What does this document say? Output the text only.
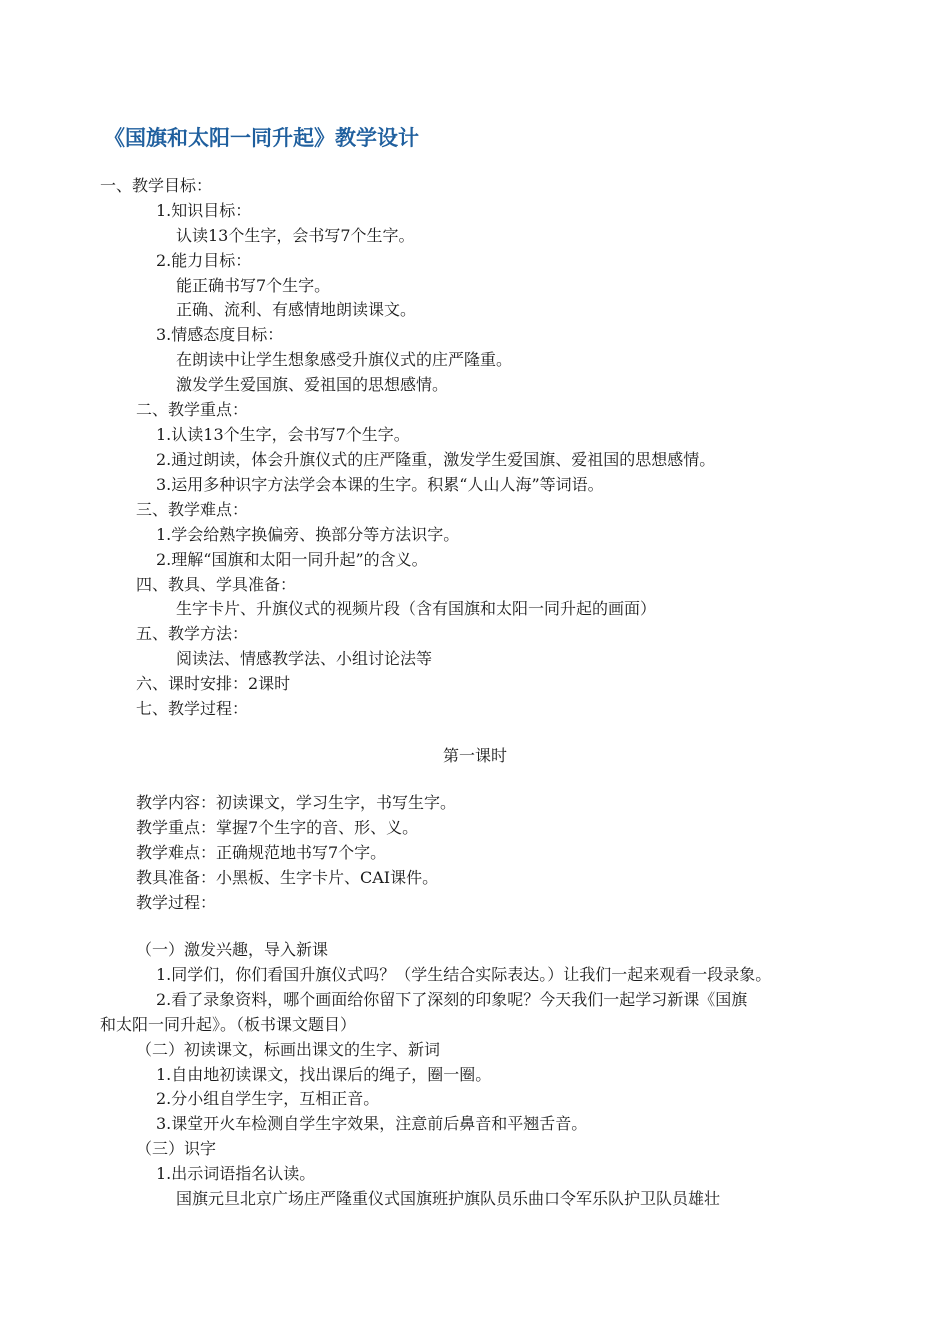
《国旗和太阳一同升起》教学设计
一、教学目标：
1.知识目标：
认读13个生字，会书写7个生字。
2.能力目标：
能正确书写7个生字。
正确、流利、有感情地朗读课文。
3.情感态度目标：
在朗读中让学生想象感受升旗仪式的庄严隆重。
激发学生爱国旗、爱祖国的思想感情。
二、教学重点：
1.认读13个生字，会书写7个生字。
2.通过朗读，体会升旗仪式的庄严隆重，激发学生爱国旗、爱祖国的思想感情。
3.运用多种识字方法学会本课的生字。积累“人山人海”等词语。
三、教学难点：
1.学会给熟字换偏旁、换部分等方法识字。
2.理解“国旗和太阳一同升起”的含义。
四、教具、学具准备：
生字卡片、升旗仪式的视频片段（含有国旗和太阳一同升起的画面）
五、教学方法：
阅读法、情感教学法、小组讨论法等
六、课时安排：2课时
七、教学过程：
第一课时
教学内容：初读课文，学习生字，书写生字。
教学重点：掌握7个生字的音、形、义。
教学难点：正确规范地书写7个字。
教具准备：小黑板、生字卡片、CAI课件。
教学过程：
（一）激发兴趣，导入新课
1.同学们，你们看国升旗仪式吗？（学生结合实际表达。）让我们一起来观看一段录象。
2.看了录象资料，哪个画面给你留下了深刻的印象呢？今天我们一起学习新课《国旗
和太阳一同升起》。（板书课文题目）
（二）初读课文，标画出课文的生字、新词
1.自由地初读课文，找出课后的绳子，圈一圈。
2.分小组自学生字，互相正音。
3.课堂开火车检测自学生字效果，注意前后鼻音和平翘舌音。
（三）识字
1.出示词语指名认读。
国旗元旦北京广场庄严隆重仪式国旗班护旗队员乐曲口令军乐队护卫队员雄壮
